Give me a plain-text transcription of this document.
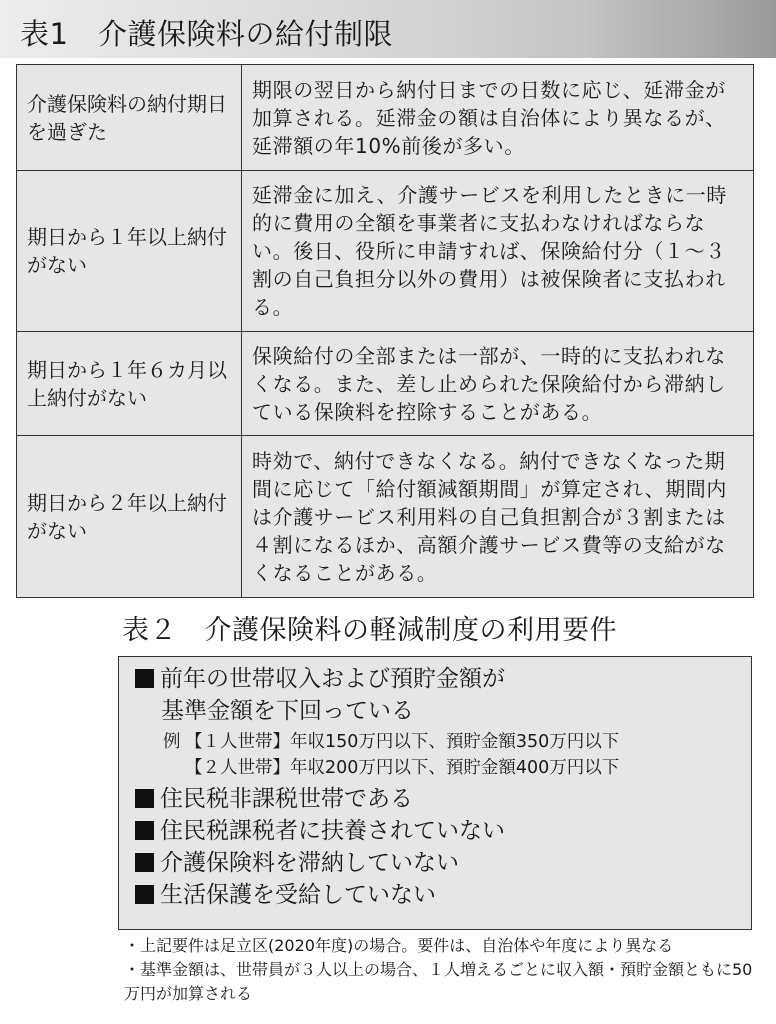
表1　介護保険料の給付制限
介護保険料の納付期日を過ぎた	期限の翌日から納付日までの日数に応じ、延滞金が加算される。延滞金の額は自治体により異なるが、延滞額の年10%前後が多い。
期日から１年以上納付がない	延滞金に加え、介護サービスを利用したときに一時的に費用の全額を事業者に支払わなければならない。後日、役所に申請すれば、保険給付分（１～３割の自己負担分以外の費用）は被保険者に支払われる。
期日から１年６カ月以上納付がない	保険給付の全部または一部が、一時的に支払われなくなる。また、差し止められた保険給付から滞納している保険料を控除することがある。
期日から２年以上納付がない	時効で、納付できなくなる。納付できなくなった期間に応じて「給付額減額期間」が算定され、期間内は介護サービス利用料の自己負担割合が３割または４割になるほか、高額介護サービス費等の支給がなくなることがある。
表２　介護保険料の軽減制度の利用要件

前年の世帯収入および預貯金額が
基準金額を下回っている

例 【１人世帯】年収150万円以下、預貯金額350万円以下
【２人世帯】年収200万円以下、預貯金額400万円以下

住民税非課税世帯である

住民税課税者に扶養されていない

介護保険料を滞納していない

生活保護を受給していない

・上記要件は足立区(2020年度)の場合。要件は、自治体や年度により異なる

・基準金額は、世帯員が３人以上の場合、１人増えるごとに収入額・預貯金額ともに50万円が加算される
